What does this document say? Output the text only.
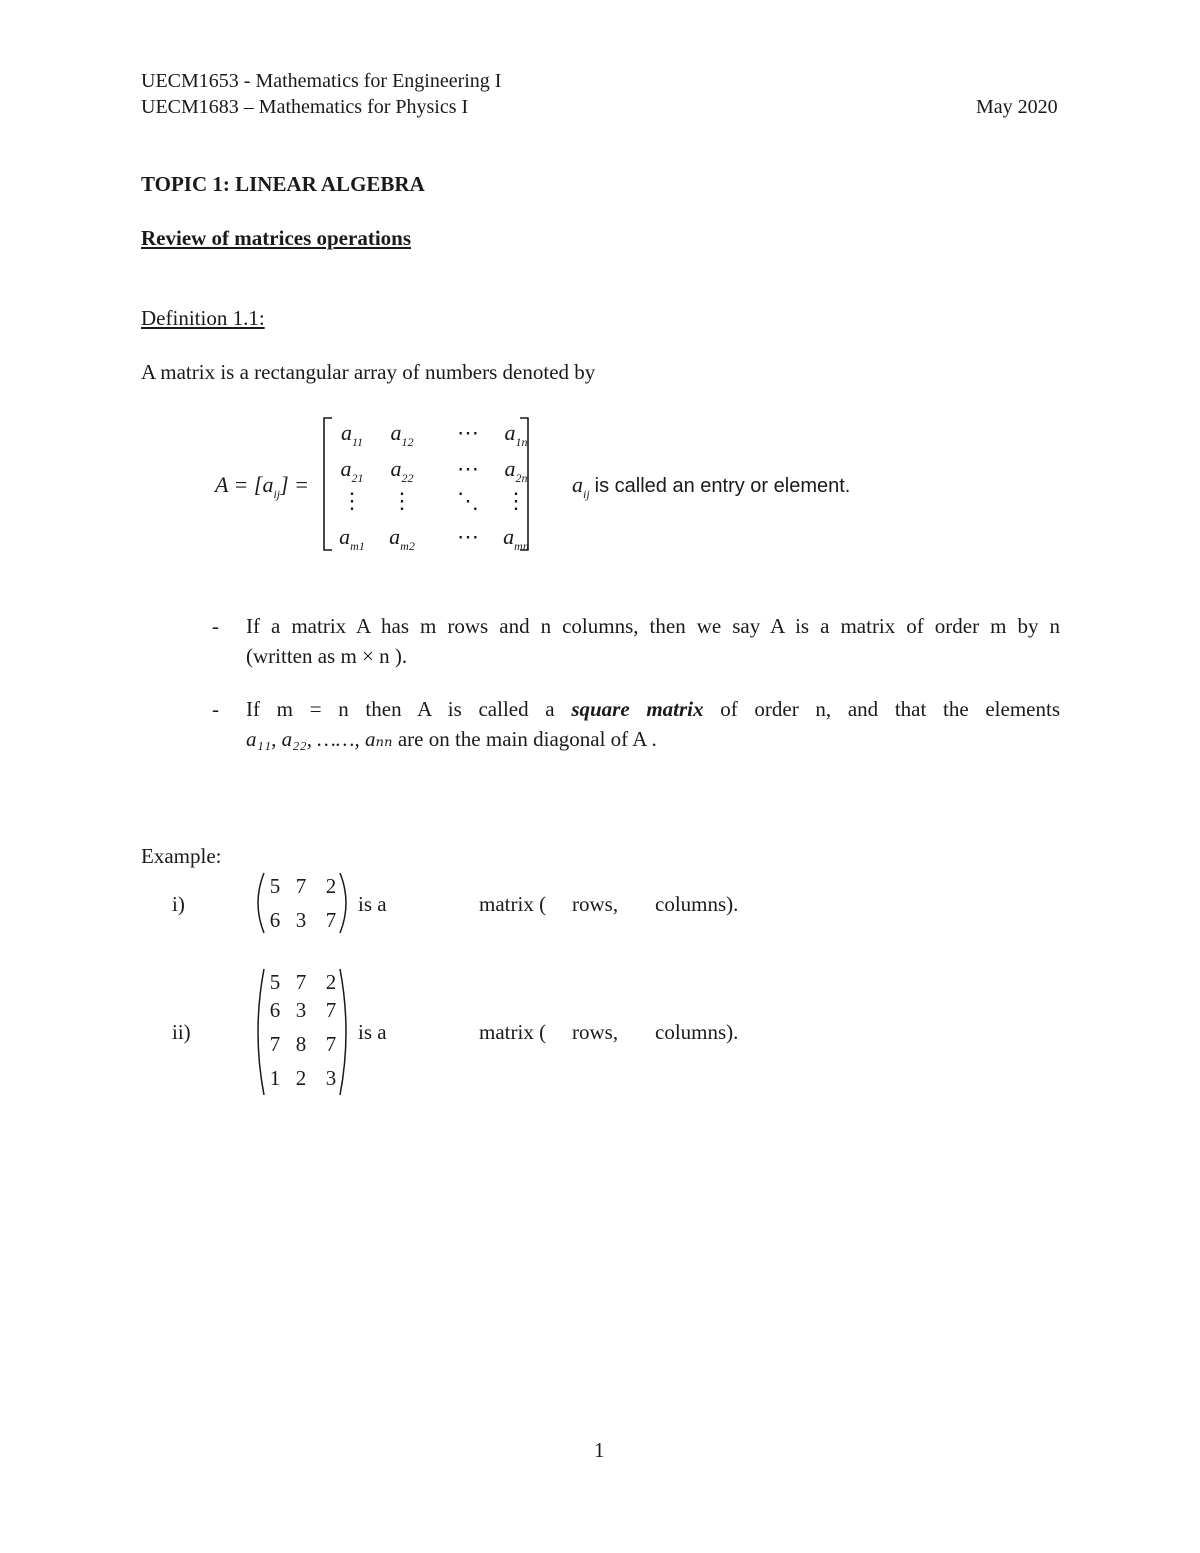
UECM1653 - Mathematics for Engineering I
UECM1683 – Mathematics for Physics I	May 2020
TOPIC 1: LINEAR ALGEBRA
Review of matrices operations
Definition 1.1:
A matrix is a rectangular array of numbers denoted by
$A = [a_{ij}]$ =
$a_{11}$	$a_{12}$	⋯	$a_{1n}$
$a_{21}$	$a_{22}$	⋯	$a_{2n}$
⋮	⋮	⋱	⋮
$a_{m1}$	$a_{m2}$	⋯	$a_{mn}$
$a_{ij}$ is called an entry or element.
- If a matrix A has m rows and n columns, then we say A is a matrix of order m by n
(written as m × n ).
- If m = n then A is called a square matrix of order n, and that the elements
a₁₁, a₂₂, ……, aₙₙ are on the main diagonal of A .
Example:
i)
5 7 2
6 3 7
is a	matrix ( rows, columns).
ii)
5 7 2
6 3 7
7 8 7
1 2 3
is a	matrix ( rows, columns).
1
